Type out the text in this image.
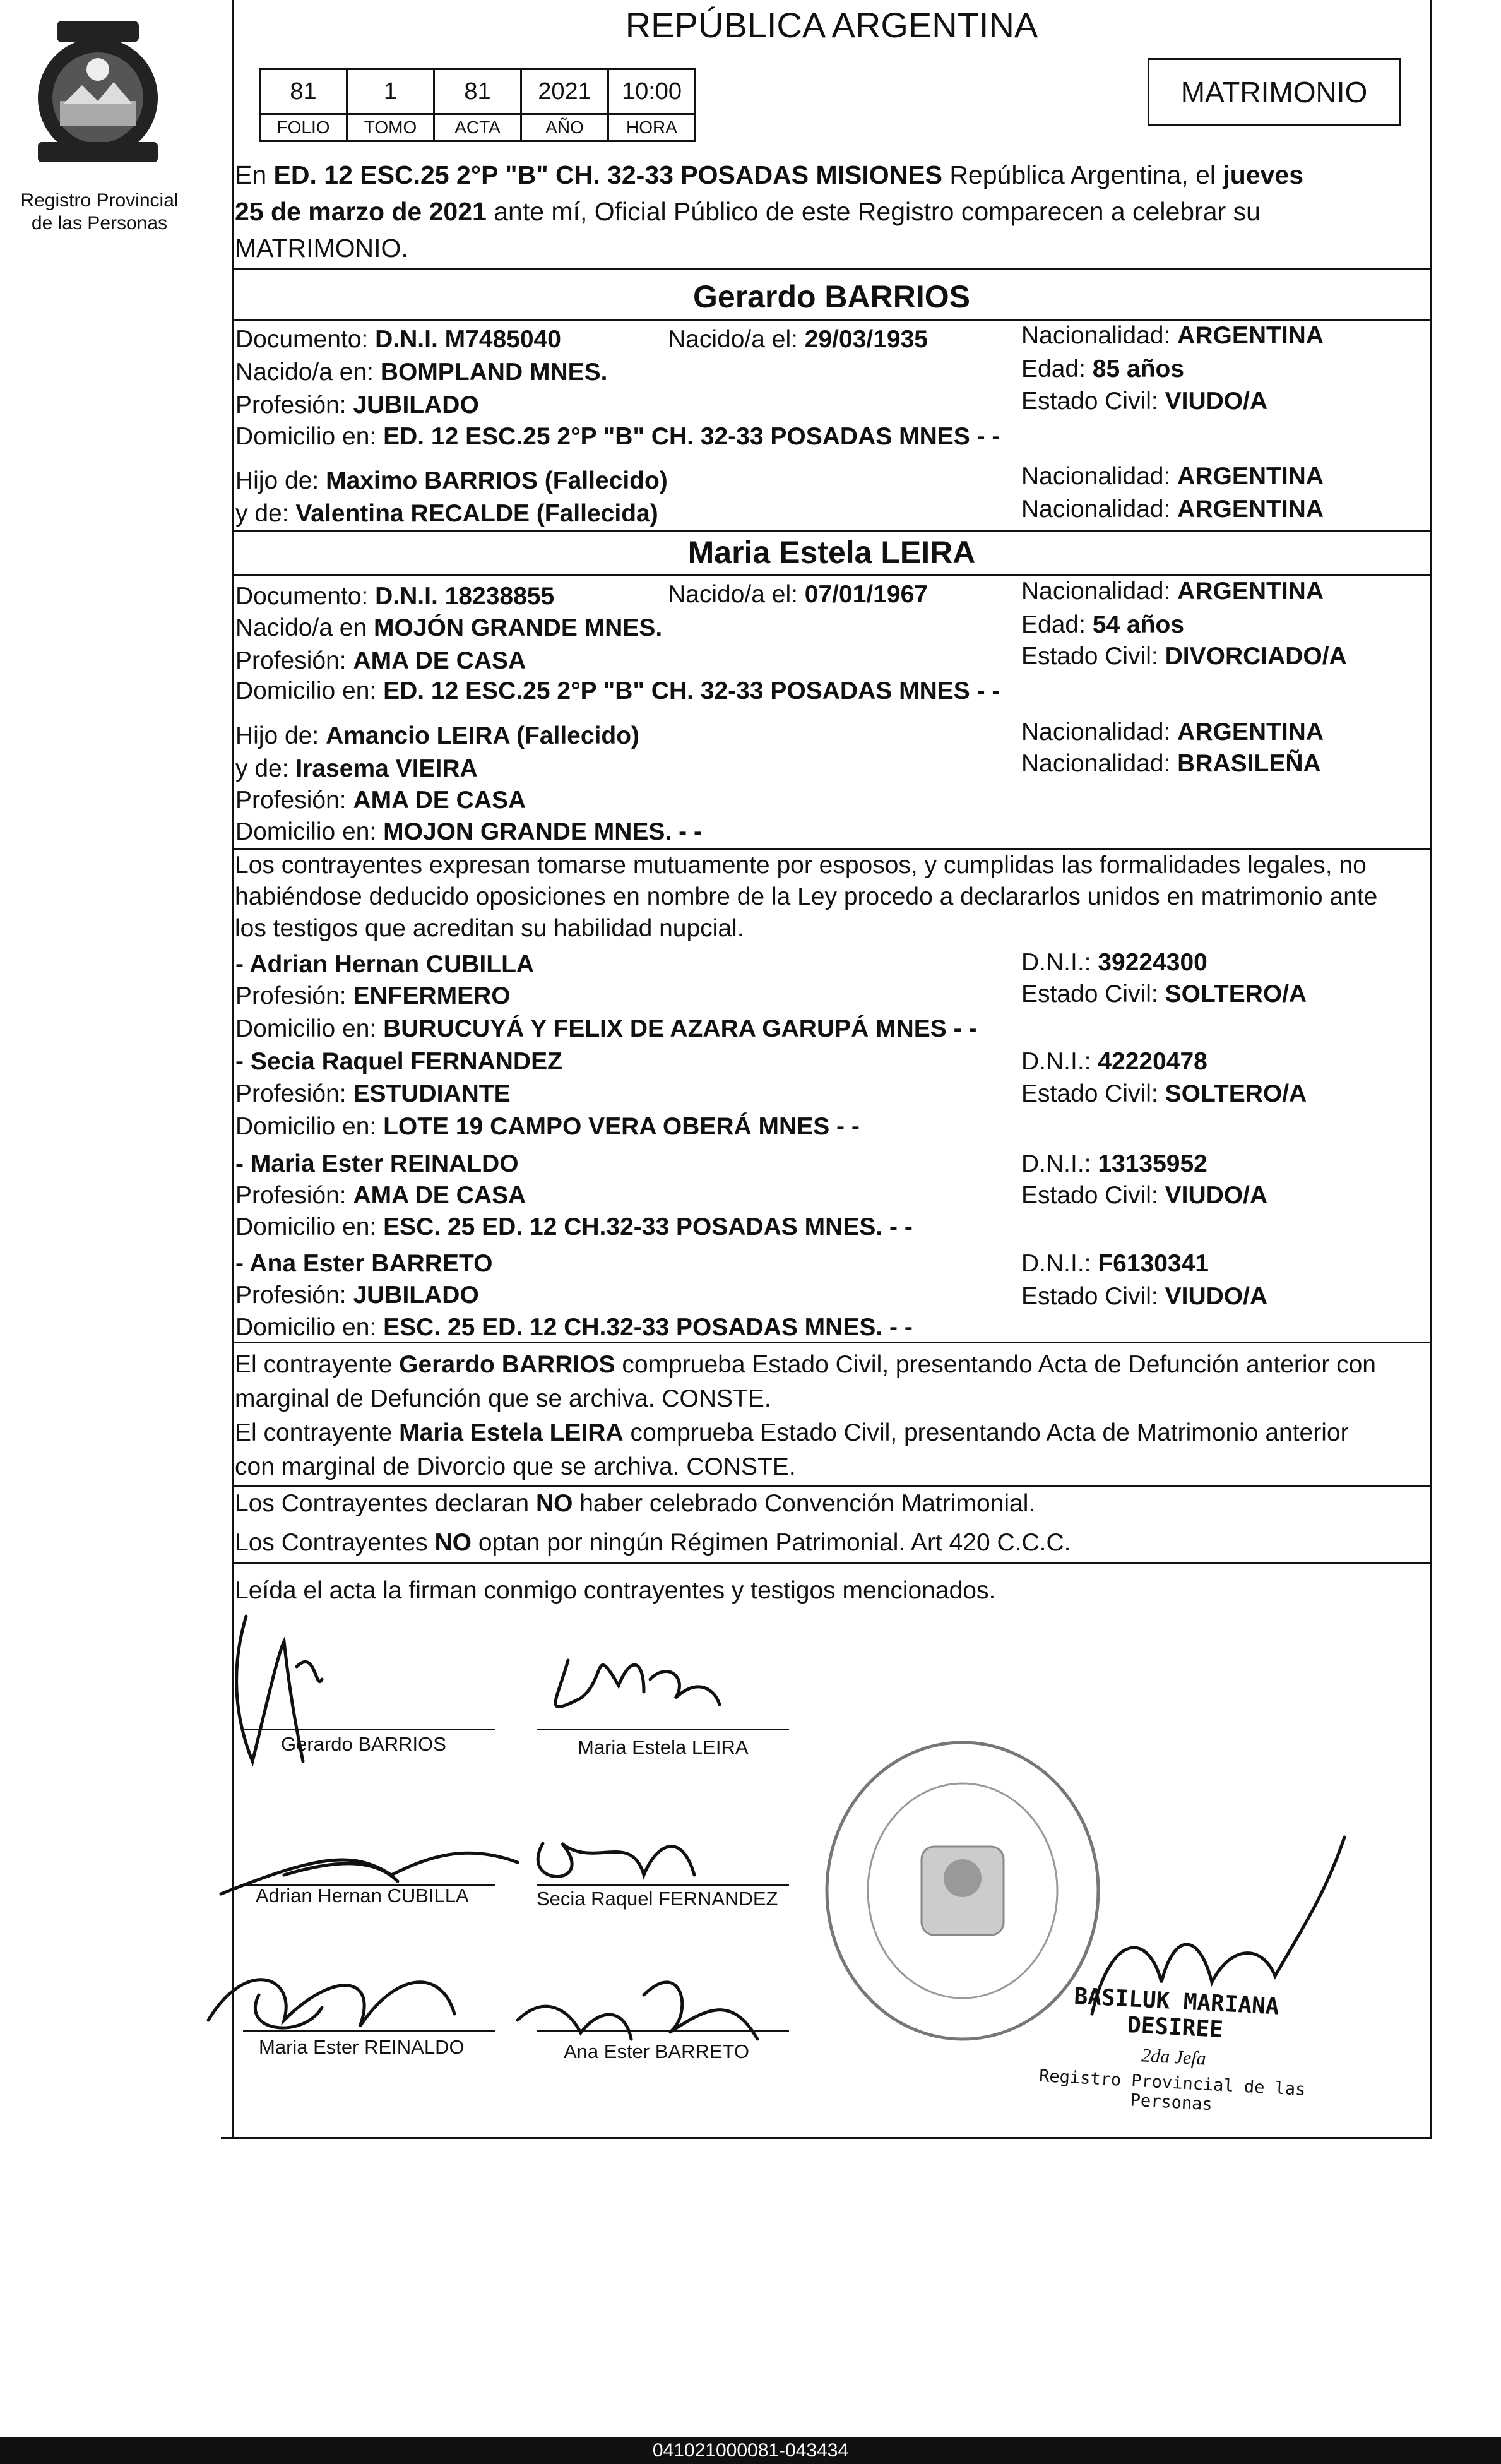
Registro Provincial
de las Personas
REPÚBLICA ARGENTINA
81	1	81	2021	10:00
FOLIO	TOMO	ACTA	AÑO	HORA
MATRIMONIO
En ED. 12 ESC.25 2°P "B" CH. 32-33 POSADAS MISIONES República Argentina, el jueves
25 de marzo de 2021 ante mí, Oficial Público de este Registro comparecen a celebrar su
MATRIMONIO.
Gerardo BARRIOS
Documento: D.N.I. M7485040	Nacido/a el: 29/03/1935	Nacionalidad: ARGENTINA
Nacido/a en: BOMPLAND MNES.	Edad: 85 años
Profesión: JUBILADO	Estado Civil: VIUDO/A
Domicilio en: ED. 12 ESC.25 2°P "B" CH. 32-33 POSADAS MNES - -
Hijo de: Maximo BARRIOS (Fallecido)	Nacionalidad: ARGENTINA
y de: Valentina RECALDE (Fallecida)	Nacionalidad: ARGENTINA
Maria Estela LEIRA
Documento: D.N.I. 18238855	Nacido/a el: 07/01/1967	Nacionalidad: ARGENTINA
Nacido/a en MOJÓN GRANDE MNES.	Edad: 54 años
Profesión: AMA DE CASA	Estado Civil: DIVORCIADO/A
Domicilio en: ED. 12 ESC.25 2°P "B" CH. 32-33 POSADAS MNES - -
Hijo de: Amancio LEIRA (Fallecido)	Nacionalidad: ARGENTINA
y de: Irasema VIEIRA	Nacionalidad: BRASILEÑA
Profesión: AMA DE CASA
Domicilio en: MOJON GRANDE MNES. - -
Los contrayentes expresan tomarse mutuamente por esposos, y cumplidas las formalidades legales, no
habiéndose deducido oposiciones en nombre de la Ley procedo a declararlos unidos en matrimonio ante
los testigos que acreditan su habilidad nupcial.
- Adrian Hernan CUBILLA	D.N.I.: 39224300
Profesión: ENFERMERO	Estado Civil: SOLTERO/A
Domicilio en: BURUCUYÁ Y FELIX DE AZARA GARUPÁ MNES - -
- Secia Raquel FERNANDEZ	D.N.I.: 42220478
Profesión: ESTUDIANTE	Estado Civil: SOLTERO/A
Domicilio en: LOTE 19 CAMPO VERA OBERÁ MNES - -
- Maria Ester REINALDO	D.N.I.: 13135952
Profesión: AMA DE CASA	Estado Civil: VIUDO/A
Domicilio en: ESC. 25 ED. 12 CH.32-33 POSADAS MNES. - -
- Ana Ester BARRETO	D.N.I.: F6130341
Profesión: JUBILADO	Estado Civil: VIUDO/A
Domicilio en: ESC. 25 ED. 12 CH.32-33 POSADAS MNES. - -
El contrayente Gerardo BARRIOS comprueba Estado Civil, presentando Acta de Defunción anterior con
marginal de Defunción que se archiva. CONSTE.
El contrayente Maria Estela LEIRA comprueba Estado Civil, presentando Acta de Matrimonio anterior
con marginal de Divorcio que se archiva. CONSTE.
Los Contrayentes declaran NO haber celebrado Convención Matrimonial.
Los Contrayentes NO optan por ningún Régimen Patrimonial. Art 420 C.C.C.
Leída el acta la firman conmigo contrayentes y testigos mencionados.
Gerardo BARRIOS	Maria Estela LEIRA
Adrian Hernan CUBILLA	Secia Raquel FERNANDEZ
Maria Ester REINALDO	Ana Ester BARRETO
BASILUK MARIANA DESIREE
2da Jefa
Registro Provincial de las Personas
041021000081-043434
